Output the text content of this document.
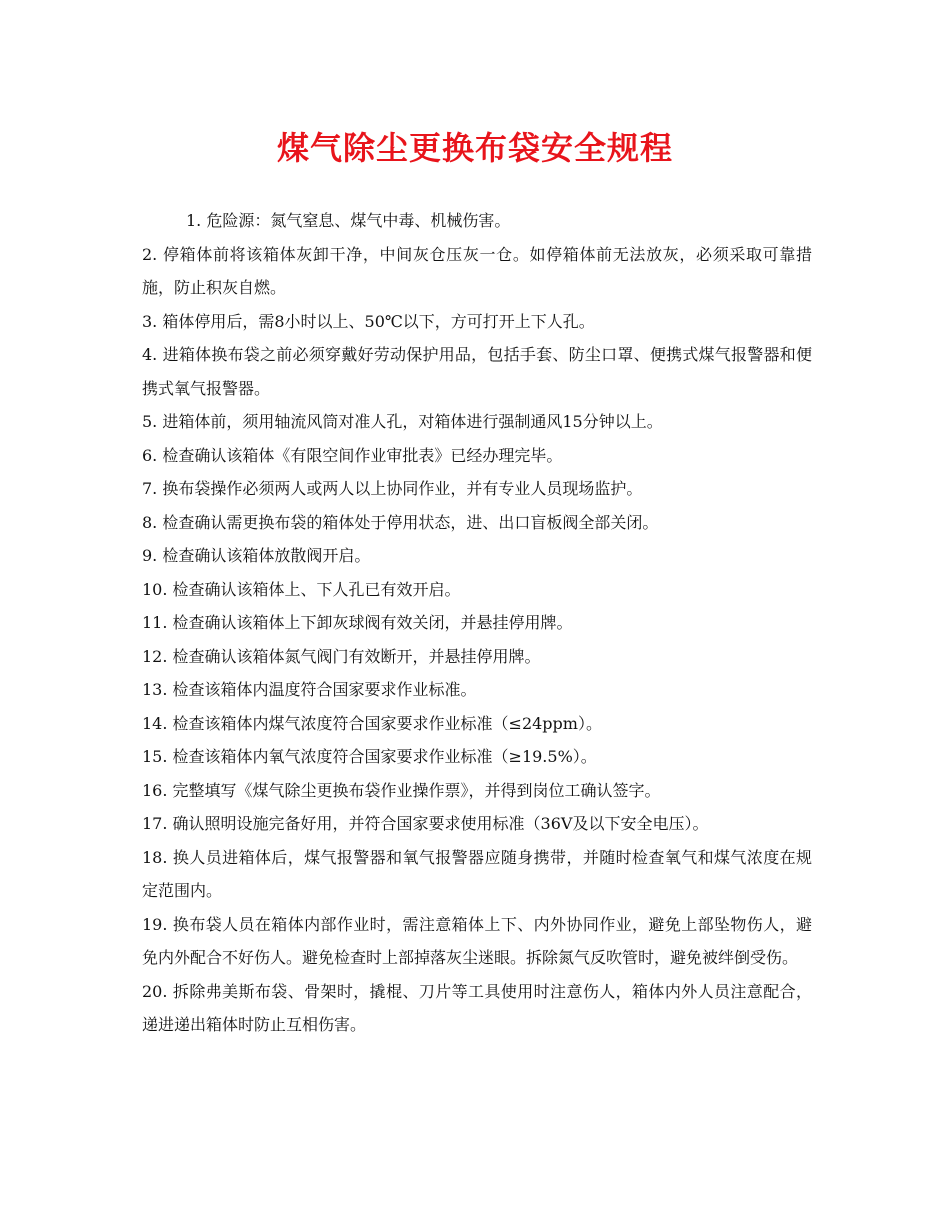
煤气除尘更换布袋安全规程

1. 危险源：氮气窒息、煤气中毒、机械伤害。

2. 停箱体前将该箱体灰卸干净，中间灰仓压灰一仓。如停箱体前无法放灰，必须采取可靠措施，防止积灰自燃。

3. 箱体停用后，需8小时以上、50℃以下，方可打开上下人孔。

4. 进箱体换布袋之前必须穿戴好劳动保护用品，包括手套、防尘口罩、便携式煤气报警器和便携式氧气报警器。

5. 进箱体前，须用轴流风筒对准人孔，对箱体进行强制通风15分钟以上。

6. 检查确认该箱体《有限空间作业审批表》已经办理完毕。

7. 换布袋操作必须两人或两人以上协同作业，并有专业人员现场监护。

8. 检查确认需更换布袋的箱体处于停用状态，进、出口盲板阀全部关闭。

9. 检查确认该箱体放散阀开启。

10. 检查确认该箱体上、下人孔已有效开启。

11. 检查确认该箱体上下卸灰球阀有效关闭，并悬挂停用牌。

12. 检查确认该箱体氮气阀门有效断开，并悬挂停用牌。

13. 检查该箱体内温度符合国家要求作业标准。

14. 检查该箱体内煤气浓度符合国家要求作业标准（≤24ppm）。

15. 检查该箱体内氧气浓度符合国家要求作业标准（≥19.5%）。

16. 完整填写《煤气除尘更换布袋作业操作票》，并得到岗位工确认签字。

17. 确认照明设施完备好用，并符合国家要求使用标准（36V及以下安全电压）。

18. 换人员进箱体后，煤气报警器和氧气报警器应随身携带，并随时检查氧气和煤气浓度在规定范围内。

19. 换布袋人员在箱体内部作业时，需注意箱体上下、内外协同作业，避免上部坠物伤人，避免内外配合不好伤人。避免检查时上部掉落灰尘迷眼。拆除氮气反吹管时，避免被绊倒受伤。

20. 拆除弗美斯布袋、骨架时，撬棍、刀片等工具使用时注意伤人，箱体内外人员注意配合，递进递出箱体时防止互相伤害。
